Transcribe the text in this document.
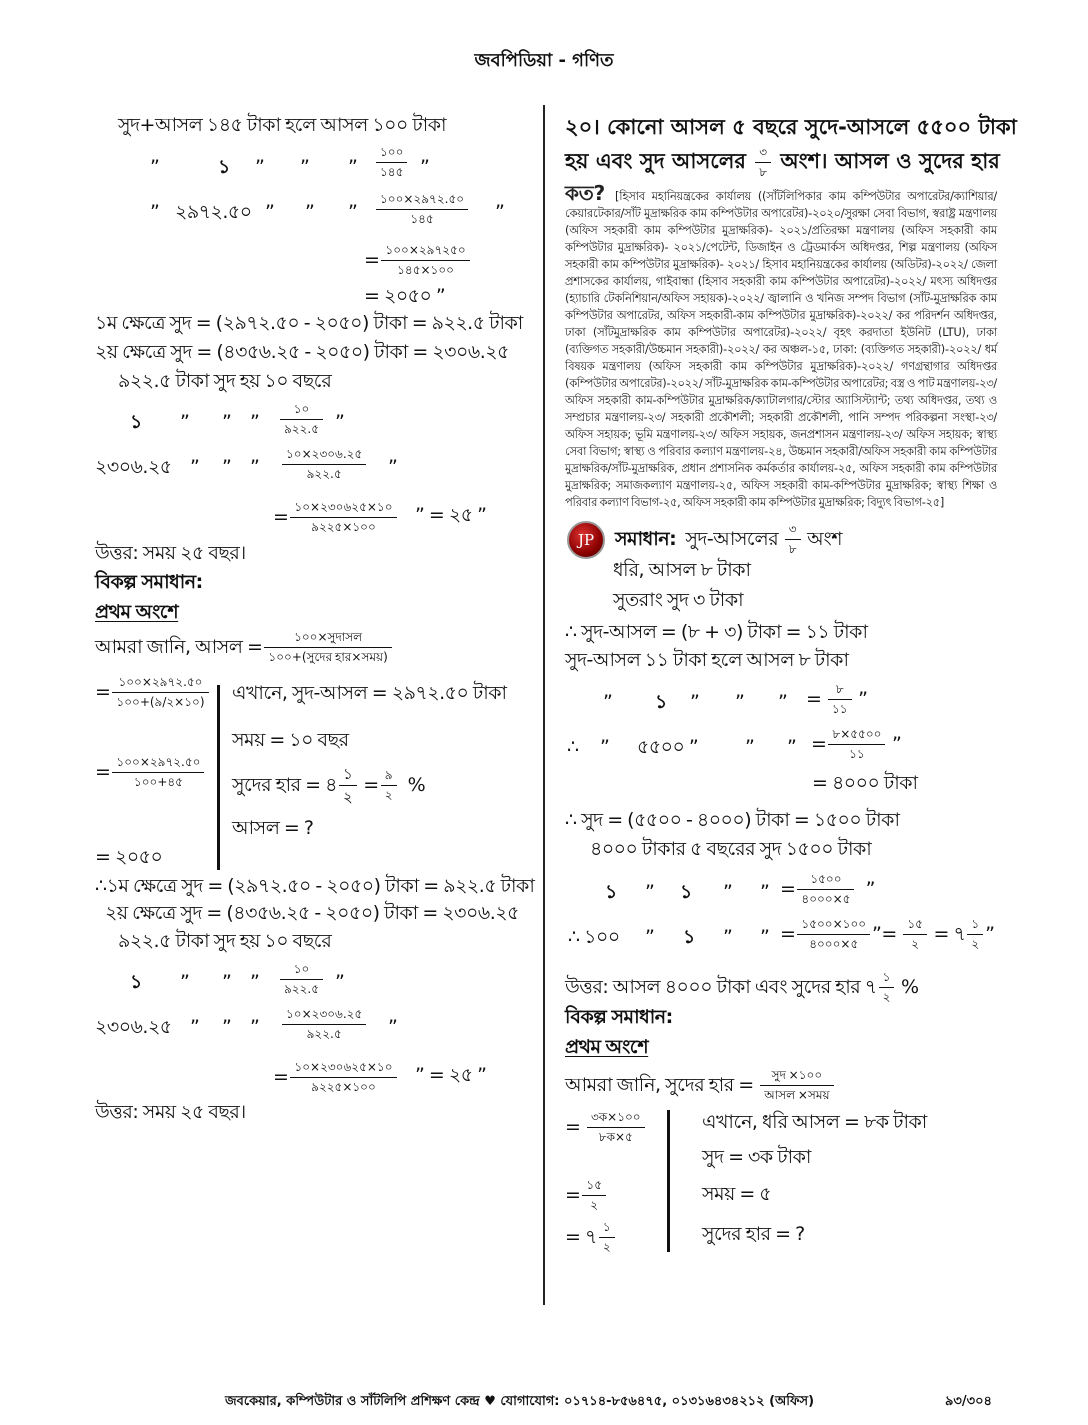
জবপিডিয়া - গণিত
সুদ+আসল ১৪৫ টাকা হলে আসল ১০০ টাকা
”	১ ” ” ” $\frac{১০০}{১৪৫}$ ”
” ২৯৭২.৫০ ” ” ” $\frac{১০০\times ২৯৭২.৫০}{১৪৫}$ ”
= $\frac{১০০\times ২৯৭২৫০}{১৪৫\times ১০০}$
= ২০৫০ ”
১ম ক্ষেত্রে সুদ = (২৯৭২.৫০ - ২০৫০) টাকা = ৯২২.৫ টাকা
২য় ক্ষেত্রে সুদ = (৪৩৫৬.২৫ - ২০৫০) টাকা = ২৩০৬.২৫
৯২২.৫ টাকা সুদ হয় ১০ বছরে
১ ” ” ” $\frac{১০}{৯২২.৫}$ ”
২৩০৬.২৫ ” ” ” $\frac{১০\times ২৩০৬.২৫}{৯২২.৫}$ ”
= $\frac{১০\times ২৩০৬২৫\times ১০}{৯২২৫\times ১০০}$ ” = ২৫ ”
উত্তর: সময় ২৫ বছর।
বিকল্প সমাধান:
প্রথম অংশে
আমরা জানি, আসল = $\frac{\text{১০০×সুদাসল}}{\text{১০০+(সুদের হার×সময়)}}$
= $\frac{১০০\times ২৯৭২.৫০}{১০০+(৯/২\times ১০)}$
= $\frac{১০০\times ২৯৭২.৫০}{১০০+৪৫}$
= ২০৫০
এখানে, সুদ-আসল = ২৯৭২.৫০ টাকা
সময় = ১০ বছর
সুদের হার = ৪ $\frac{১}{২} = \frac{৯}{২}$ %
আসল = ?
∴১ম ক্ষেত্রে সুদ = (২৯৭২.৫০ - ২০৫০) টাকা = ৯২২.৫ টাকা
২য় ক্ষেত্রে সুদ = (৪৩৫৬.২৫ - ২০৫০) টাকা = ২৩০৬.২৫
৯২২.৫ টাকা সুদ হয় ১০ বছরে
১ ” ” ” $\frac{১০}{৯২২.৫}$ ”
২৩০৬.২৫ ” ” ” $\frac{১০\times ২৩০৬.২৫}{৯২২.৫}$ ”
= $\frac{১০\times ২৩০৬২৫\times ১০}{৯২২৫\times ১০০}$ ” = ২৫ ”
উত্তর: সময় ২৫ বছর।
২০। কোনো আসল ৫ বছরে সুদে-আসলে ৫৫০০ টাকা
হয় এবং সুদ আসলের $\frac{৩}{৮}$ অংশ। আসল ও সুদের হার
কত? [হিসাব মহানিয়ন্ত্রকের কার্যালয় ((সাঁটলিপিকার কাম কম্পিউটার অপারেটর/ক্যাশিয়ার/কেয়ারটেকার/সাঁট মুদ্রাক্ষরিক কাম কম্পিউটার অপারেটর)-২০২০/সুরক্ষা সেবা বিভাগ, স্বরাষ্ট্র মন্ত্রণালয় (অফিস সহকারী কাম কম্পিউটার মুদ্রাক্ষরিক)- ২০২১/প্রতিরক্ষা মন্ত্রণালয় (অফিস সহকারী কাম কম্পিউটার মুদ্রাক্ষরিক)- ২০২১/পেটেন্ট, ডিজাইন ও ট্রেডমার্কস অধিদপ্তর, শিল্প মন্ত্রণালয় (অফিস সহকারী কাম কম্পিউটার মুদ্রাক্ষরিক)- ২০২১/ হিসাব মহানিয়ন্ত্রকের কার্যালয় (অডিটর)-২০২২/ জেলা প্রশাসকের কার্যালয়, গাইবান্ধা (হিসাব সহকারী কাম কম্পিউটার অপারেটর)-২০২২/ মৎস্য অধিদপ্তর (হ্যাচারি টেকনিশিয়ান/অফিস সহায়ক)-২০২২/ জ্বালানি ও খনিজ সম্পদ বিভাগ (সাঁট-মুদ্রাক্ষরিক কাম কম্পিউটার অপারেটর, অফিস সহকারী-কাম কম্পিউটার মুদ্রাক্ষরিক)-২০২২/ কর পরিদর্শন অধিদপ্তর, ঢাকা (সাঁটমুদ্রাক্ষরিক কাম কম্পিউটার অপারেটর)-২০২২/ বৃহৎ করদাতা ইউনিট (LTU), ঢাকা (ব্যক্তিগত সহকারী/উচ্চমান সহকারী)-২০২২/ কর অঞ্চল-১৫, ঢাকা: (ব্যক্তিগত সহকারী)-২০২২/ ধর্ম বিষয়ক মন্ত্রণালয় (অফিস সহকারী কাম কম্পিউটার মুদ্রাক্ষরিক)-২০২২/ গণগ্রন্থাগার অধিদপ্তর (কম্পিউটার অপারেটর)-২০২২/ সাঁট-মুদ্রাক্ষরিক কাম-কম্পিউটার অপারেটর; বস্ত্র ও পাট মন্ত্রণালয়-২৩/ অফিস সহকারী কাম-কম্পিউটার মুদ্রাক্ষরিক/ক্যাটালগার/স্টোর অ্যাসিস্ট্যান্ট; তথ্য অধিদপ্তর, তথ্য ও সম্প্রচার মন্ত্রণালয়-২৩/ সহকারী প্রকৌশলী; সহকারী প্রকৌশলী, পানি সম্পদ পরিকল্পনা সংস্থা-২৩/ অফিস সহায়ক; ভূমি মন্ত্রণালয়-২৩/ অফিস সহায়ক, জনপ্রশাসন মন্ত্রণালয়-২৩/ অফিস সহায়ক; স্বাস্থ্য সেবা বিভাগ; স্বাস্থ্য ও পরিবার কল্যাণ মন্ত্রণালয়-২৪, উচ্চমান সহকারী/অফিস সহকারী কাম কম্পিউটার মুদ্রাক্ষরিক/সাঁট-মুদ্রাক্ষরিক, প্রধান প্রশাসনিক কর্মকর্তার কার্যালয়-২৫, অফিস সহকারী কাম কম্পিউটার মুদ্রাক্ষরিক; সমাজকল্যাণ মন্ত্রণালয়-২৫, অফিস সহকারী কাম-কম্পিউটার মুদ্রাক্ষরিক; স্বাস্থ্য শিক্ষা ও পরিবার কল্যাণ বিভাগ-২৫, অফিস সহকারী কাম কম্পিউটার মুদ্রাক্ষরিক; বিদ্যুৎ বিভাগ-২৫]
JP	সমাধান: সুদ-আসলের $\frac{৩}{৮}$ অংশ
ধরি, আসল ৮ টাকা
সুতরাং সুদ ৩ টাকা
∴ সুদ-আসল = (৮ + ৩) টাকা = ১১ টাকা
সুদ-আসল ১১ টাকা হলে আসল ৮ টাকা
” ১ ” ” ” = $\frac{৮}{১১}$ ”
∴ ” ৫৫০০ ” ” ” = $\frac{৮\times ৫৫০০}{১১}$ ”
= ৪০০০ টাকা
∴ সুদ = (৫৫০০ - ৪০০০) টাকা = ১৫০০ টাকা
৪০০০ টাকার ৫ বছরের সুদ ১৫০০ টাকা
১ ” ১ ” ” = $\frac{১৫০০}{৪০০০\times ৫}$ ”
∴ ১০০ ” ১ ” ” = $\frac{১৫০০\times ১০০}{৪০০০\times ৫}$ ”= $\frac{১৫}{২}$ = ৭ $\frac{১}{২}$ ”
উত্তর: আসল ৪০০০ টাকা এবং সুদের হার ৭ $\frac{১}{২}$ %
বিকল্প সমাধান:
প্রথম অংশে
আমরা জানি, সুদের হার = $\frac{\text{সুদ ×১০০}}{\text{আসল ×সময়}}$
= $\frac{\text{৩ক×১০০}}{\text{৮ক×৫}}$
= $\frac{১৫}{২}$
= ৭ $\frac{১}{২}$
এখানে, ধরি আসল = ৮ক টাকা
সুদ = ৩ক টাকা
সময় = ৫
সুদের হার = ?
জবকেয়ার, কম্পিউটার ও সাঁটলিপি প্রশিক্ষণ কেন্দ্র ♥ যোগাযোগ: ০১৭১৪-৮৫৬৪৭৫, ০১৩১৬৪৩৪২১২ (অফিস)	৯৩/৩০৪
